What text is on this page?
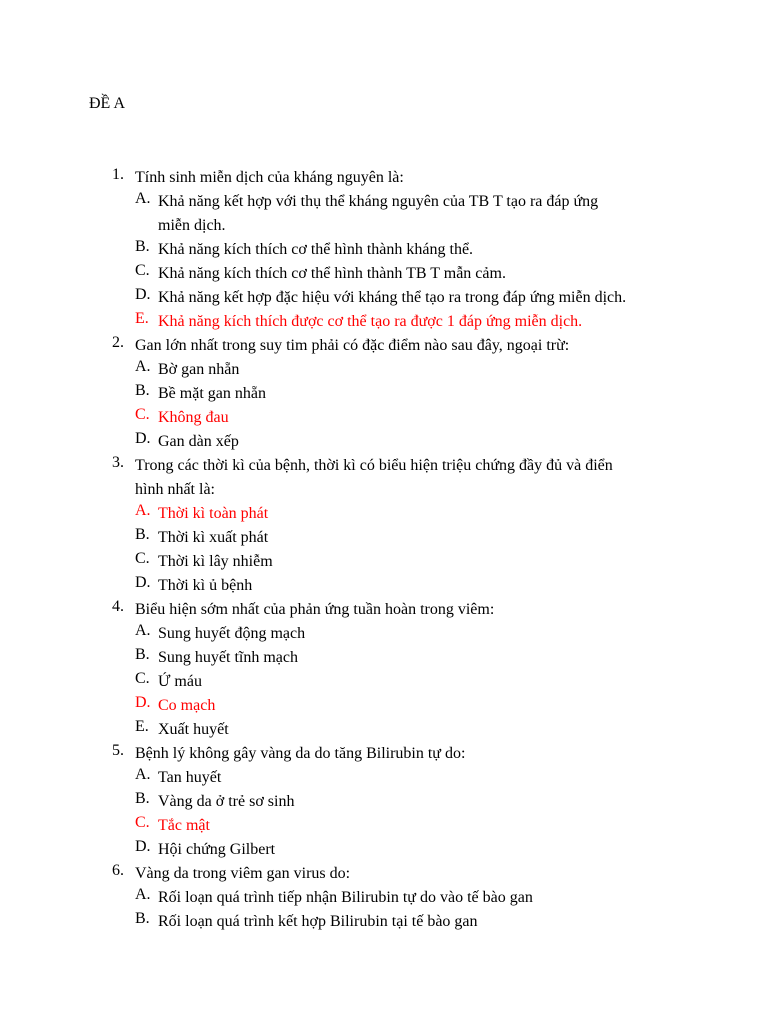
ĐỀ A
1. Tính sinh miễn dịch của kháng nguyên là:
A. Khả năng kết hợp với thụ thể kháng nguyên của TB T tạo ra đáp ứng
miễn dịch.
B. Khả năng kích thích cơ thể hình thành kháng thể.
C. Khả năng kích thích cơ thể hình thành TB T mẫn cảm.
D. Khả năng kết hợp đặc hiệu với kháng thể tạo ra trong đáp ứng miễn dịch.
E. Khả năng kích thích được cơ thể tạo ra được 1 đáp ứng miễn dịch.
2. Gan lớn nhất trong suy tim phải có đặc điểm nào sau đây, ngoại trừ:
A. Bờ gan nhẵn
B. Bề mặt gan nhẵn
C. Không đau
D. Gan dàn xếp
3. Trong các thời kì của bệnh, thời kì có biểu hiện triệu chứng đầy đủ và điển
hình nhất là:
A. Thời kì toàn phát
B. Thời kì xuất phát
C. Thời kì lây nhiễm
D. Thời kì ủ bệnh
4. Biểu hiện sớm nhất của phản ứng tuần hoàn trong viêm:
A. Sung huyết động mạch
B. Sung huyết tĩnh mạch
C. Ứ máu
D. Co mạch
E. Xuất huyết
5. Bệnh lý không gây vàng da do tăng Bilirubin tự do:
A. Tan huyết
B. Vàng da ở trẻ sơ sinh
C. Tắc mật
D. Hội chứng Gilbert
6. Vàng da trong viêm gan virus do:
A. Rối loạn quá trình tiếp nhận Bilirubin tự do vào tế bào gan
B. Rối loạn quá trình kết hợp Bilirubin tại tế bào gan
